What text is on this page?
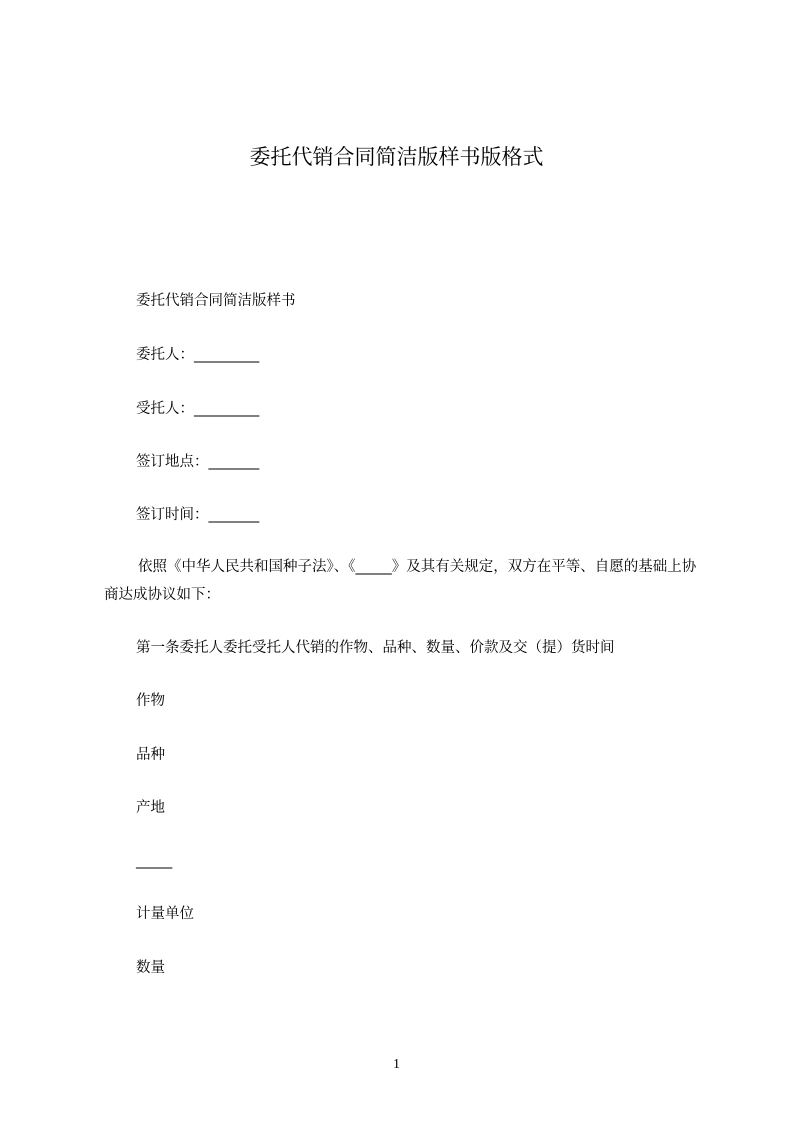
委托代销合同简洁版样书版格式

委托代销合同简洁版样书

委托人：_________

受托人：_________

签订地点：_______

签订时间：_______

依照《中华人民共和国种子法》、《_____》及其有关规定，双方在平等、自愿的基础上协商达成协议如下：

第一条委托人委托受托人代销的作物、品种、数量、价款及交（提）货时间

作物

品种

产地

_____

计量单位

数量

1
